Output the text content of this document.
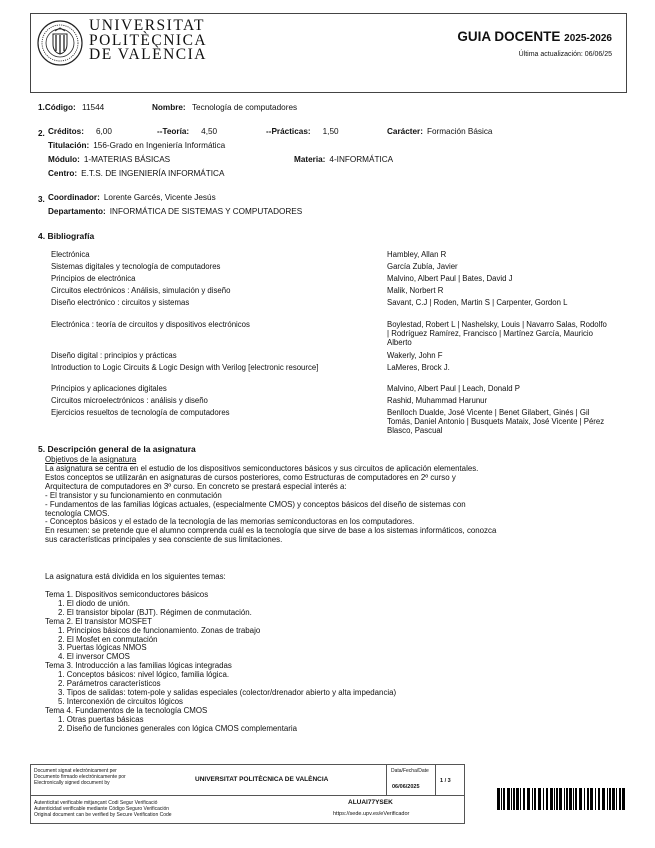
UNIVERSITAT
POLITÈCNICA
DE VALÈNCIA
GUIA DOCENTE 2025-2026
Última actualización: 06/06/25
1.Código: 11544	Nombre: Tecnología de computadores
2. Créditos: 6,00	--Teoría: 4,50	--Prácticas: 1,50	Carácter: Formación Básica
Titulación: 156-Grado en Ingeniería Informática
Módulo: 1-MATERIAS BÁSICAS	Materia: 4-INFORMÁTICA
Centro: E.T.S. DE INGENIERÍA INFORMÁTICA
3. Coordinador: Lorente Garcés, Vicente Jesús
Departamento: INFORMÁTICA DE SISTEMAS Y COMPUTADORES
4. Bibliografía
Electrónica	Hambley, Allan R
Sistemas digitales y tecnología de computadores	García Zubía, Javier
Principios de electrónica	Malvino, Albert Paul | Bates, David J
Circuitos electrónicos : Análisis, simulación y diseño	Malik, Norbert R
Diseño electrónico : circuitos y sistemas	Savant, C.J | Roden, Martin S | Carpenter, Gordon L
Electrónica : teoría de circuitos y dispositivos electrónicos	Boylestad, Robert L | Nashelsky, Louis | Navarro Salas, Rodolfo | Rodríguez Ramírez, Francisco | Martínez García, Mauricio Alberto
Diseño digital : principios y prácticas	Wakerly, John F
Introduction to Logic Circuits & Logic Design with Verilog [electronic resource]	LaMeres, Brock J.
Principios y aplicaciones digitales	Malvino, Albert Paul | Leach, Donald P
Circuitos microelectrónicos : análisis y diseño	Rashid, Muhammad Harunur
Ejercicios resueltos de tecnología de computadores	Benlloch Dualde, José Vicente | Benet Gilabert, Ginés | Gil Tomás, Daniel Antonio | Busquets Mataix, José Vicente | Pérez Blasco, Pascual
5. Descripción general de la asignatura
Objetivos de la asignatura
La asignatura se centra en el estudio de los dispositivos semiconductores básicos y sus circuitos de aplicación elementales.
Estos conceptos se utilizarán en asignaturas de cursos posteriores, como Estructuras de computadores en 2º curso y
Arquitectura de computadores en 3º curso. En concreto se prestará especial interés a:
- El transistor y su funcionamiento en conmutación
- Fundamentos de las familias lógicas actuales, (especialmente CMOS) y conceptos básicos del diseño de sistemas con
tecnología CMOS.
- Conceptos básicos y el estado de la tecnología de las memorias semiconductoras en los computadores.
En resumen: se pretende que el alumno comprenda cuál es la tecnología que sirve de base a los sistemas informáticos, conozca
sus características principales y sea consciente de sus limitaciones.
La asignatura está dividida en los siguientes temas:
Tema 1. Dispositivos semiconductores básicos
1. El diodo de unión.
2. El transistor bipolar (BJT). Régimen de conmutación.
Tema 2. El transistor MOSFET
1. Principios básicos de funcionamiento. Zonas de trabajo
2. El Mosfet en conmutación
3. Puertas lógicas NMOS
4. El inversor CMOS
Tema 3. Introducción a las familias lógicas integradas
1. Conceptos básicos: nivel lógico, familia lógica.
2. Parámetros característicos
3. Tipos de salidas: totem-pole y salidas especiales (colector/drenador abierto y alta impedancia)
5. Interconexión de circuitos lógicos
Tema 4. Fundamentos de la tecnología CMOS
1. Otras puertas básicas
2. Diseño de funciones generales con lógica CMOS complementaria
Document signat electrònicament per
Documento firmado electrónicamente por
Electronically signed document by	UNIVERSITAT POLITÈCNICA DE VALÈNCIA
Data/Fecha/Date
06/06/2025
1 / 3
Autenticitat verificable mitjançant Codi Segur Verificació
Autenticidad verificable mediante Código Seguro Verificación
Original document can be verified by Secure Verification Code
ALUAI77YSEK
https://sede.upv.es/eVerificador
